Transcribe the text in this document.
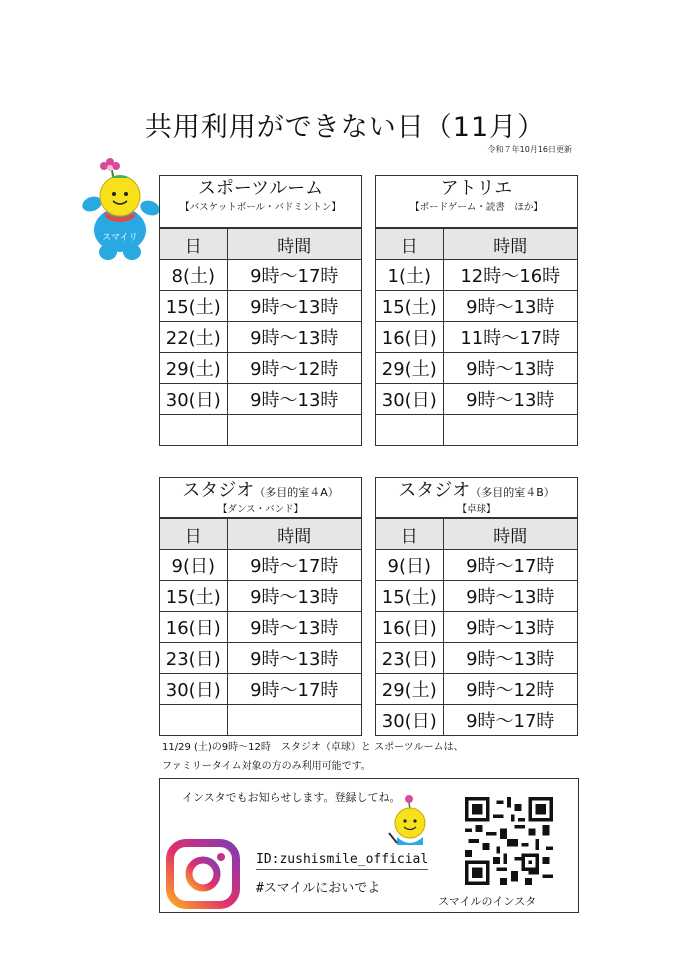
共用利用ができない日（11月）
令和７年10月16日更新
スマイリ
スポーツルーム
【バスケットボール・バドミントン】
日	時間
8(土)	9時〜17時
15(土)	9時〜13時
22(土)	9時〜13時
29(土)	9時〜12時
30(日)	9時〜13時

アトリエ
【ボードゲーム・読書　ほか】
日	時間
1(土)	12時〜16時
15(土)	9時〜13時
16(日)	11時〜17時
29(土)	9時〜13時
30(日)	9時〜13時

スタジオ（多目的室４A）
【ダンス・バンド】
日	時間
9(日)	9時〜17時
15(土)	9時〜13時
16(日)	9時〜13時
23(日)	9時〜13時
30(日)	9時〜17時

スタジオ（多目的室４B）
【卓球】
日	時間
9(日)	9時〜17時
15(土)	9時〜13時
16(日)	9時〜13時
23(日)	9時〜13時
29(土)	9時〜12時
30(日)	9時〜17時
11/29 (土)の9時〜12時　スタジオ（卓球）と スポーツルームは、
ファミリータイム対象の方のみ利用可能です。
インスタでもお知らせします。登録してね。
ID:zushismile_official
#スマイルにおいでよ
スマイルのインスタ
